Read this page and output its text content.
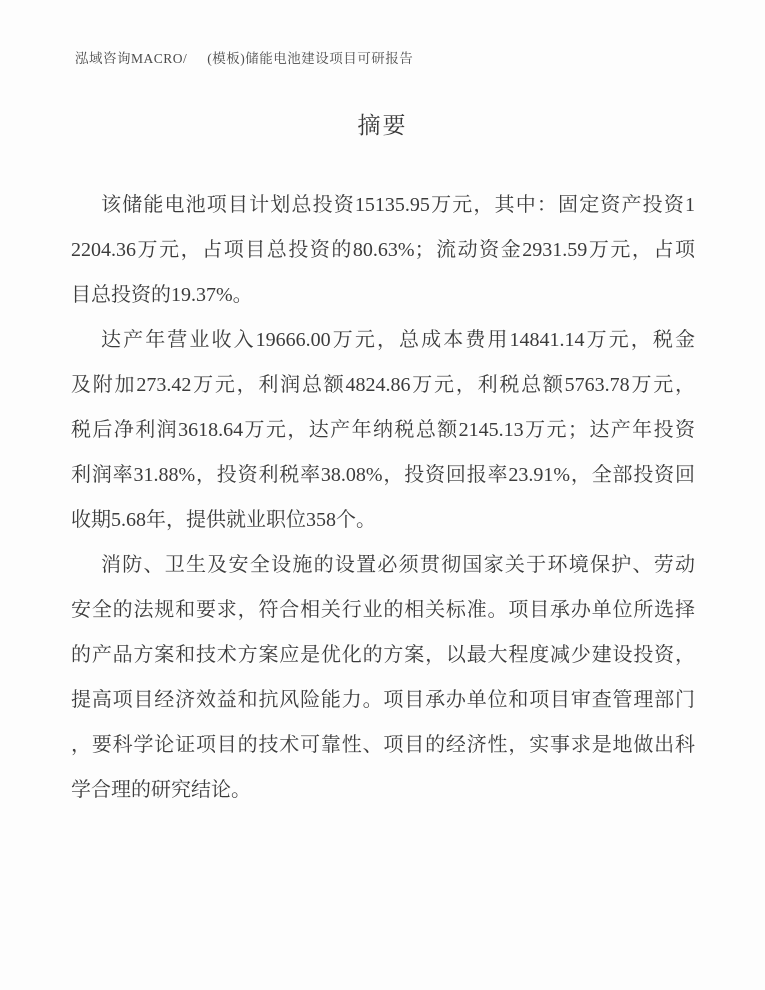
泓域咨询MACRO/ (模板)储能电池建设项目可研报告
摘要
该储能电池项目计划总投资15135.95万元，其中：固定资产投资1
2204.36万元，占项目总投资的80.63%；流动资金2931.59万元，占项
目总投资的19.37%。
达产年营业收入19666.00万元，总成本费用14841.14万元，税金
及附加273.42万元，利润总额4824.86万元，利税总额5763.78万元，
税后净利润3618.64万元，达产年纳税总额2145.13万元；达产年投资
利润率31.88%，投资利税率38.08%，投资回报率23.91%，全部投资回
收期5.68年，提供就业职位358个。
消防、卫生及安全设施的设置必须贯彻国家关于环境保护、劳动
安全的法规和要求，符合相关行业的相关标准。项目承办单位所选择
的产品方案和技术方案应是优化的方案，以最大程度减少建设投资，
提高项目经济效益和抗风险能力。项目承办单位和项目审查管理部门
，要科学论证项目的技术可靠性、项目的经济性，实事求是地做出科
学合理的研究结论。
